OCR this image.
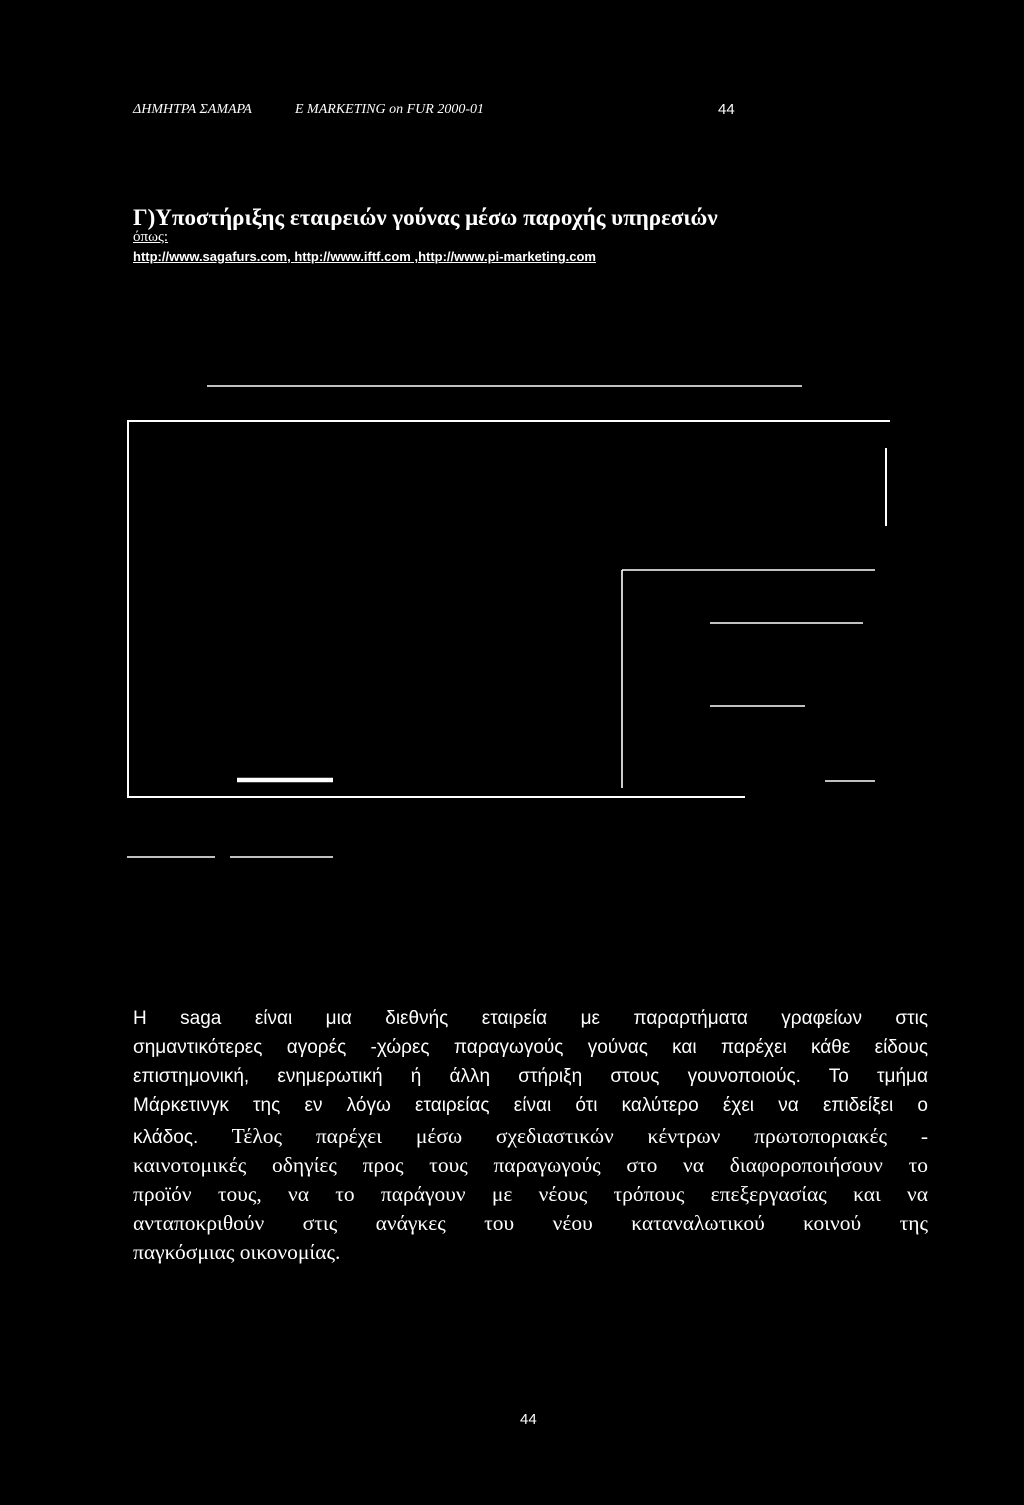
ΔΗΜΗΤΡΑ ΣΑΜΑΡΑ	E MARKETING on FUR 2000-01	44
Γ)Υποστήριξης εταιρειών γούνας μέσω παροχής υπηρεσιών
όπως:
http://www.sagafurs.com, http://www.iftf.com ,http://www.pi-marketing.com
Η saga είναι μια διεθνής εταιρεία με παραρτήματα γραφείων στις
σημαντικότερες αγορές -χώρες παραγωγούς γούνας και παρέχει κάθε είδους
επιστημονική, ενημερωτική ή άλλη στήριξη στους γουνοποιούς. Το τμήμα
Μάρκετινγκ της εν λόγω εταιρείας είναι ότι καλύτερο έχει να επιδείξει ο
κλάδος. Τέλος παρέχει μέσω σχεδιαστικών κέντρων πρωτοποριακές -
καινοτομικές οδηγίες προς τους παραγωγούς στο να διαφοροποιήσουν το
προϊόν τους, να το παράγουν με νέους τρόπους επεξεργασίας και να
ανταποκριθούν στις ανάγκες του νέου καταναλωτικού κοινού της
παγκόσμιας οικονομίας.
44
